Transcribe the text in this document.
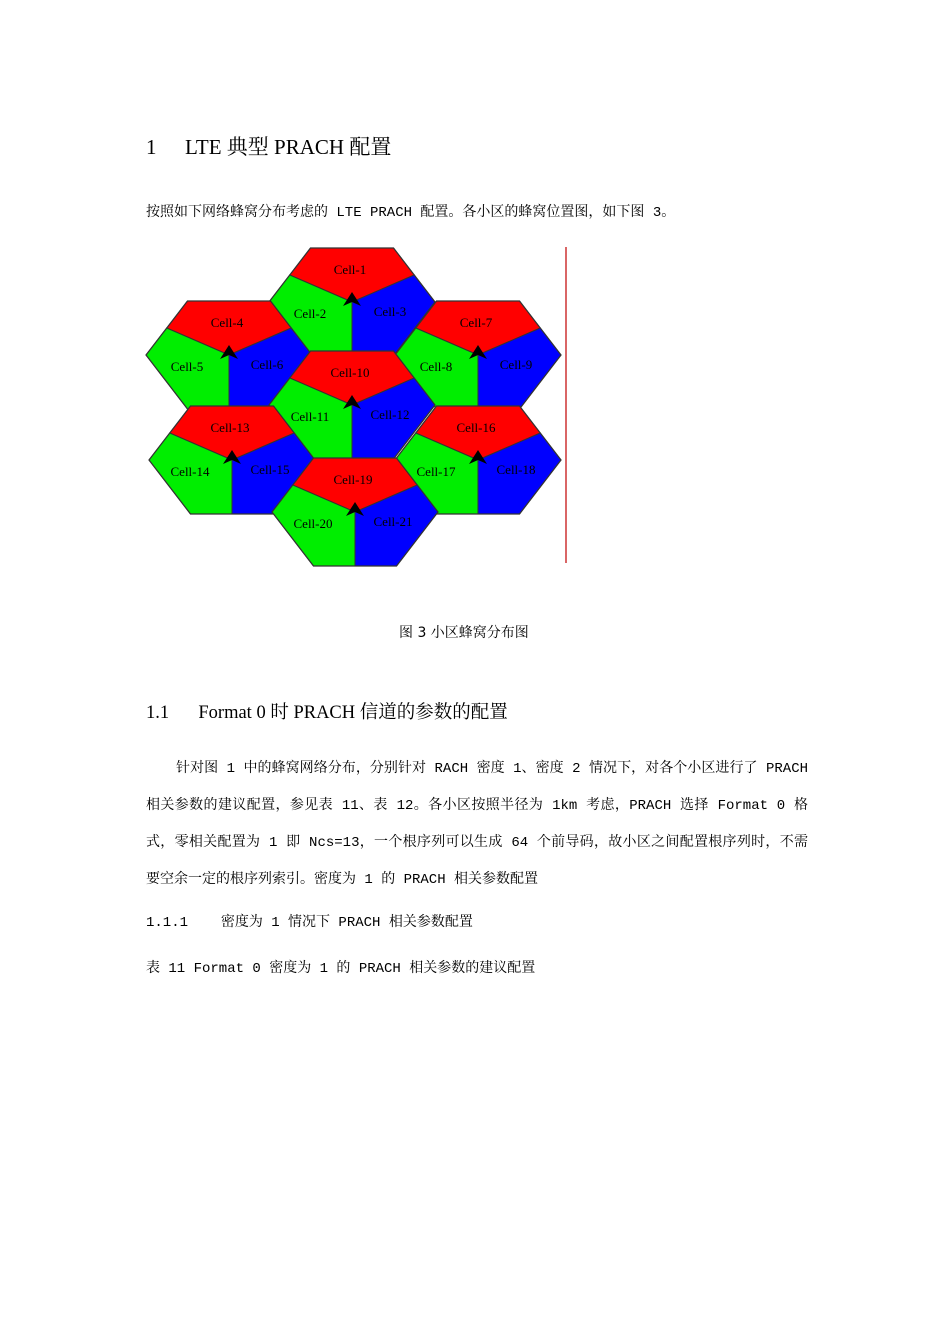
1 LTE 典型 PRACH 配置
按照如下网络蜂窝分布考虑的 LTE PRACH 配置。各小区的蜂窝位置图，如下图 3。
Cell-1
Cell-2	Cell-3
Cell-4
Cell-5	Cell-6
Cell-7
Cell-8	Cell-9
Cell-10
Cell-11	Cell-12
Cell-13
Cell-14	Cell-15
Cell-16
Cell-17	Cell-18
Cell-19
Cell-20	Cell-21
图 3 小区蜂窝分布图
1.1 Format 0 时 PRACH 信道的参数的配置
针对图 1 中的蜂窝网络分布，分别针对 RACH 密度 1、密度 2 情况下，对各个小区进行了 PRACH 相关参数的建议配置，参见表 11、表 12。各小区按照半径为 1km 考虑，PRACH 选择 Format 0 格式，零相关配置为 1 即 Ncs=13，一个根序列可以生成 64 个前导码，故小区之间配置根序列时，不需要空余一定的根序列索引。密度为 1 的 PRACH 相关参数配置
1.1.1 密度为 1 情况下 PRACH 相关参数配置
表 11 Format 0 密度为 1 的 PRACH 相关参数的建议配置
